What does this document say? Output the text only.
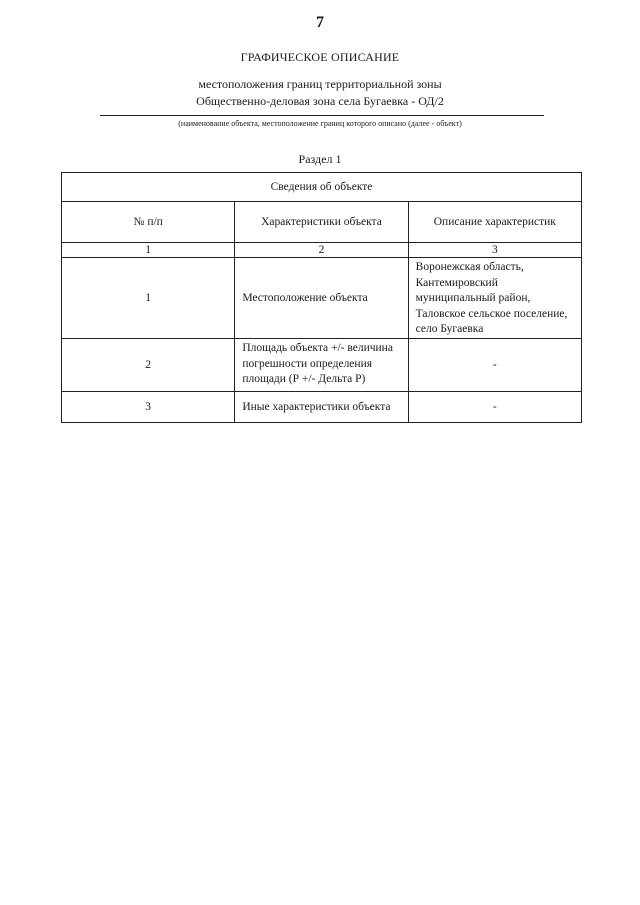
7
ГРАФИЧЕСКОЕ ОПИСАНИЕ
местоположения границ территориальной зоны
Общественно-деловая зона села Бугаевка - ОД/2
(наименование объекта, местоположение границ которого описано (далее - объект)
Раздел 1
Сведения об объекте		
№ п/п	Характеристики объекта	Описание характеристик
1	2	3
1	Местоположение объекта	Воронежская область, Кантемировский муниципальный район, Таловское сельское поселение, село Бугаевка
2	Площадь объекта +/- величина погрешности определения площади (Р +/- Дельта Р)	-
3	Иные характеристики объекта	-
